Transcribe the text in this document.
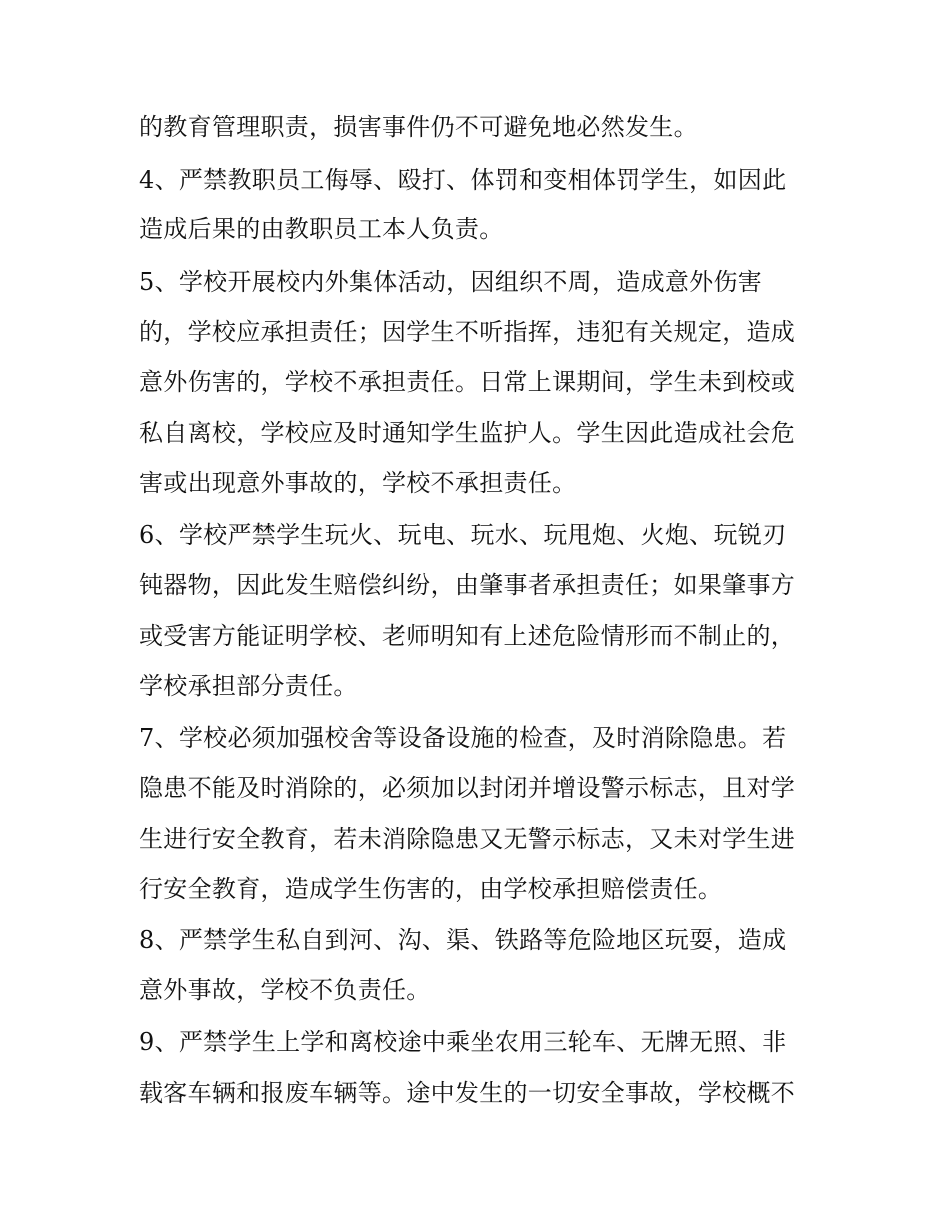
的教育管理职责，损害事件仍不可避免地必然发生。
4、严禁教职员工侮辱、殴打、体罚和变相体罚学生，如因此
造成后果的由教职员工本人负责。
5、学校开展校内外集体活动，因组织不周，造成意外伤害
的，学校应承担责任；因学生不听指挥，违犯有关规定，造成
意外伤害的，学校不承担责任。日常上课期间，学生未到校或
私自离校，学校应及时通知学生监护人。学生因此造成社会危
害或出现意外事故的，学校不承担责任。
6、学校严禁学生玩火、玩电、玩水、玩甩炮、火炮、玩锐刃
钝器物，因此发生赔偿纠纷，由肇事者承担责任；如果肇事方
或受害方能证明学校、老师明知有上述危险情形而不制止的，
学校承担部分责任。
7、学校必须加强校舍等设备设施的检查，及时消除隐患。若
隐患不能及时消除的，必须加以封闭并增设警示标志，且对学
生进行安全教育，若未消除隐患又无警示标志，又未对学生进
行安全教育，造成学生伤害的，由学校承担赔偿责任。
8、严禁学生私自到河、沟、渠、铁路等危险地区玩耍，造成
意外事故，学校不负责任。
9、严禁学生上学和离校途中乘坐农用三轮车、无牌无照、非
载客车辆和报废车辆等。途中发生的一切安全事故，学校概不
